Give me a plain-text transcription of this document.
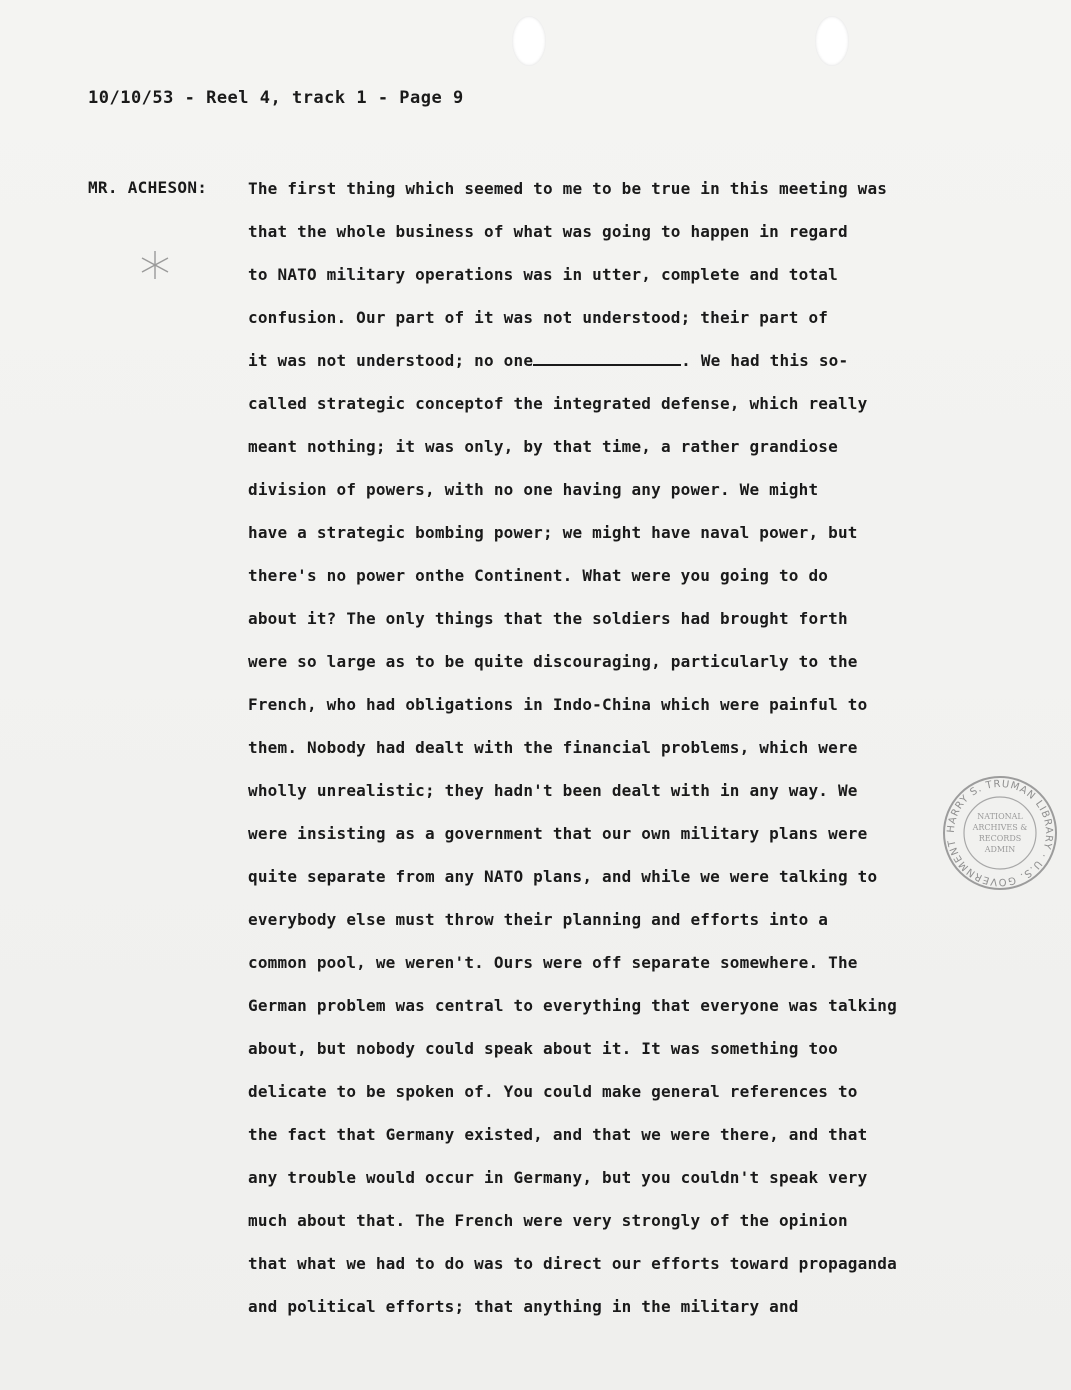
10/10/53 - Reel 4, track 1 - Page 9
MR. ACHESON:	The first thing which seemed to me to be true in this meeting was
that the whole business of what was going to happen in regard
to NATO military operations was in utter, complete and total
confusion. Our part of it was not understood; their part of
it was not understood; no one	. We had this so-
called strategic conceptof the integrated defense, which really
meant nothing; it was only, by that time, a rather grandiose
division of powers, with no one having any power. We might
have a strategic bombing power; we might have naval power, but
there's no power onthe Continent. What were you going to do
about it? The only things that the soldiers had brought forth
were so large as to be quite discouraging, particularly to the
French, who had obligations in Indo-China which were painful to
them. Nobody had dealt with the financial problems, which were
wholly unrealistic; they hadn't been dealt with in any way. We
were insisting as a government that our own military plans were
quite separate from any NATO plans, and while we were talking to
everybody else must throw their planning and efforts into a
common pool, we weren't. Ours were off separate somewhere. The
German problem was central to everything that everyone was talking
about, but nobody could speak about it. It was something too
delicate to be spoken of. You could make general references to
the fact that Germany existed, and that we were there, and that
any trouble would occur in Germany, but you couldn't speak very
much about that. The French were very strongly of the opinion
that what we had to do was to direct our efforts toward propaganda
and political efforts; that anything in the military and
HARRY S. TRUMAN LIBRARY · U.S. GOVERNMENT
NATIONAL
ARCHIVES &
RECORDS
ADMIN
